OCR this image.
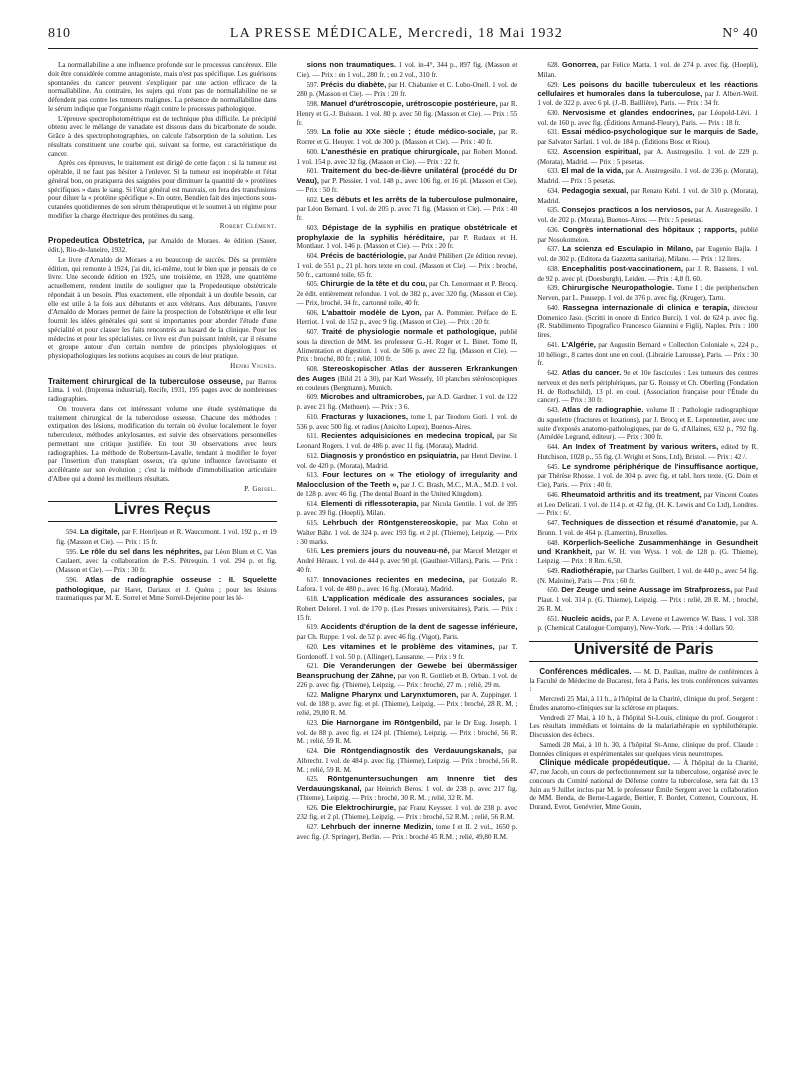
810	LA PRESSE MÉDICALE, Mercredi, 18 Mai 1932	N° 40

La normallabiline a une influence profonde sur le processus cancéreux. Elle doit être considérée comme antagoniste, mais n'est pas spécifique. Les guérisons spontanées du cancer peuvent s'expliquer par une action efficace de la normallabiline. Au contraire, les sujets qui n'ont pas de normallabiline ne se défendent pas contre les tumeurs malignes. La présence de normallabiline dans le sérum indique que l'organisme réagit contre le processus pathologique.

L'épreuve spectrophotométrique est de technique plus difficile. Le précipité obtenu avec le mélange de vanadate est dissous dans du bicarbonate de soude. Grâce à des spectrophotographies, on calcule l'absorption de la solution. Les résultats constituent une courbe qui, suivant sa forme, est caractéristique du cancer.

Après ces épreuves, le traitement est dirigé de cette façon : si la tumeur est opérable, il ne faut pas hésiter à l'enlever. Si la tumeur est inopérable et l'état général bon, on pratiquera des saignées pour diminuer la quantité de « protéines spécifiques » dans le sang. Si l'état général est mauvais, on fera des transfusions pour diluer la « protéine spécifique ». En outre, Bendien fait des injections sous-cutanées quotidiennes de son sérum thérapeutique et le soumet à un régime pour modifier la charge électrique des protéines du sang.

Robert Clément.

Propedeutica Obstetrica, par Arnaldo de Moraes. 4e édition (Sauer, édit.), Rio-de-Janeiro, 1932.

Le livre d'Arnaldo de Moraes a eu beaucoup de succès. Dès sa première édition, qui remonte à 1924, j'ai dit, ici-même, tout le bien que je pensais de ce livre. Une seconde édition en 1925, une troisième, en 1928, une quatrième actuellement, rendent inutile de souligner que la Propedeutique obstétricale répondait à un besoin. Plus exactement, elle répondait à un double besoin, car elle est utile à la fois aux débutants et aux vétérans. Aux débutants, l'œuvre d'Arnaldo de Moraes permet de faire la prospection de l'obstétrique et elle leur fournit les idées générales qui sont si importantes pour aborder l'étude d'une spécialité et pour classer les faits rencontrés au hasard de la clinique. Pour les médecins et pour les spécialistes, ce livre est d'un puissant intérêt, car il résume et groupe autour d'un certain nombre de principes physiologiques et physiopathologiques les notions acquises au cours de leur pratique.

Henri Vignes.

Traitement chirurgical de la tuberculose osseuse, par Barros Lima. 1 vol. (Imprensa industrial), Recife, 1931, 195 pages avec de nombreuses radiographies.

On trouvera dans cet intéressant volume une étude systématique du traitement chirurgical de la tuberculose osseuse. Chacune des méthodes : extirpation des lésions, modification du terrain où évolue localement le foyer tuberculeux, méthodes ankylosantes, est suivie des observations personnelles permettant une critique justifiée. En tout 30 observations avec leurs radiographies. La méthode de Robertson-Lavalle, tendant à modifier le foyer par l'insertion d'un transplant osseux, n'a qu'une influence favorisante et accélérante sur son évolution ; c'est la méthode d'immobilisation articulaire d'Albee qui a donné les meilleurs résultats.

P. Grisel.
Livres Reçus

594. La digitale, par F. Henrijean et R. Waucomont. 1 vol. 192 p., et 19 fig. (Masson et Cie). — Prix : 15 fr.

595. Le rôle du sel dans les néphrites, par Léon Blum et C. Van Caulaert, avec la collaboration de P.-S. Pétrequin. 1 vol. 294 p. et fig. (Masson et Cie). — Prix : 30 fr.

596. Atlas de radiographie osseuse : II. Squelette pathologique, par Haret, Dariaux et J. Quénu ; pour les lésions traumatiques par M. E. Sorrel et Mme Sorrel-Dejerine pour les lé-

sions non traumatiques. 1 vol. in-4°, 344 p., 897 fig. (Masson et Cie). — Prix : en 1 vol., 280 fr. ; en 2 vol., 310 fr.

597. Précis du diabète, par H. Chabanier et C. Lobo-Onell. 1 vol. de 280 p. (Masson et Cie). — Prix : 20 fr.

598. Manuel d'urétroscopie, urétroscopie postérieure, par R. Henry et G.-J. Buisson. 1 vol. 80 p. avec 50 fig. (Masson et Cie). — Prix : 55 fr.

599. La folie au XXe siècle ; étude médico-sociale, par R. Rorrer et G. Heuyer. 1 vol. de 300 p. (Masson et Cie). — Prix : 40 fr.

600. L'anesthésie en pratique chirurgicale, par Robert Monod. 1 vol. 154 p. avec 32 fig. (Masson et Cie). — Prix : 22 fr.

601. Traitement du bec-de-lièvre unilatéral (procédé du Dr Veau), par P. Plessier. 1 vol. 148 p., avec 106 fig. et 16 pl. (Masson et Cie). — Prix : 50 fr.

602. Les débuts et les arrêts de la tuberculose pulmonaire, par Léon Bernard. 1 vol. de 205 p. avec 71 fig. (Masson et Cie). — Prix : 40 fr.

603. Dépistage de la syphilis en pratique obstétricale et prophylaxie de la syphilis héréditaire, par P. Rudaux et H. Montlaur. 1 vol. 146 p. (Masson et Cie). — Prix : 20 fr.

604. Précis de bactériologie, par André Philibert (2e édition revue). 1 vol. de 551 p., 21 pl. hors texte en coul. (Masson et Cie). — Prix : broché, 50 fr., cartonné toile, 65 fr.

605. Chirurgie de la tête et du cou, par Ch. Lenormant et P. Brocq. 2e édit. entièrement refondue. 1 vol. de 382 p., avec 320 fig. (Masson et Cie). — Prix, broché, 34 fr., cartonné toile, 40 fr.

606. L'abattoir modèle de Lyon, par A. Pommier. Préface de E. Herriot. 1 vol. de 152 p., avec 9 fig. (Masson et Cie). — Prix : 20 fr.

607. Traité de physiologie normale et pathologique, publié sous la direction de MM. les professeur G.-H. Roger et L. Binet. Tome II, Alimentation et digestion. 1 vol. de 506 p. avec 22 fig. (Masson et Cie). — Prix : broché, 80 fr. ; relié, 100 fr.

608. Stereoskopischer Atlas der äusseren Erkrankungen des Auges (Bild 21 à 30), par Karl Wessely, 10 planches stéréoscopiques en couleurs (Bergmann), Munich.

609. Microbes and ultramicrobes, par A.D. Gardner. 1 vol. de 122 p. avec 21 fig. (Methuen). — Prix : 3 6.

610. Fracturas y luxaciones, tome I, par Teodoro Gorí. 1 vol. de 536 p. avec 500 fig. et radios (Anicéto Lopez), Buenos-Aires.

611. Recientes adquisiciones en medecina tropical, par Sir Leonard Rogers. 1 vol. de 486 p. avec 11 fig. (Morata), Madrid.

612. Diagnosis y pronóstico en psiquiatria, par Henri Devine. 1 vol. de 420 p. (Morata), Madrid.

613. Four lectures on « The etiology of irregularity and Malocclusion of the Teeth », par J. C. Brash, M.C., M.A., M.D. 1 vol. de 128 p. avec 46 fig. (The dental Board in the United Kingdom).

614. Elementi di riflessoterapia, par Nicola Gentile. 1 vol. de 395 p. avec 39 fig. (Hoepli), Milan.

615. Lehrbuch der Röntgenstereoskopie, par Max Cohn et Walter Bähr. 1 vol. de 324 p. avec 193 fig. et 2 pl. (Thieme), Leipzig. — Prix : 30 marks.

616. Les premiers jours du nouveau-né, par Marcel Metzger et André Héraux. 1 vol. de 444 p. avec 90 pl. (Gauthier-Villars), Paris. — Prix : 40 fr.

617. Innovaciones recientes en medecina, par Gonzalo R. Lafora. 1 vol. de 480 p., avec 16 fig. (Morata), Madrid.

618. L'application médicale des assurances sociales, par Robert Delorel. 1 vol. de 170 p. (Les Presses universitaires), Paris. — Prix : 15 fr.

619. Accidents d'éruption de la dent de sagesse inférieure, par Ch. Ruppe. 1 vol. de 52 p. avec 46 fig. (Vigot), Paris.

620. Les vitamines et le problème des vitamines, par T. Gordonoff. 1 vol. 50 p. (Allinger), Lausanne. — Prix : 9 fr.

621. Die Veranderungen der Gewebe bei übermässiger Beanspruchung der Zähne, par von R. Gottlieb et B. Orban. 1 vol. de 226 p. avec fig. (Thieme), Leipzig. — Prix : broché, 27 m. ; relié, 29 m.

622. Maligne Pharynx und Larynxtumoren, par A. Zuppinger. 1 vol. de 188 p. avec fig. et pl. (Thieme), Leipzig. — Prix : broché, 28 R. M. ; relié, 29,80 R. M.

623. Die Harnorgane im Röntgenbild, par le Dr Eug. Joseph. 1 vol. de 88 p. avec fig. et 124 pl. (Thieme), Leipzig. — Prix : broché, 56 R. M. ; relié, 59 R. M.

624. Die Röntgendiagnostik des Verdauungskanals, par Albrecht. 1 vol. de 484 p. avec fig. (Thieme), Leipzig. — Prix : broché, 56 R. M. ; relié, 59 R. M.

625. Röntgenuntersuchungen am Innenre tiet des Verdauungskanal, par Heinrich Beros. 1 vol. de 238 p. avec 217 fig. (Thieme), Leipzig. — Prix : broché, 30 R. M. ; relié, 32 R. M.

626. Die Elektrochirurgie, par Franz Keysser. 1 vol. de 238 p. avec 232 fig. et 2 pl. (Thieme), Leipzig. — Prix : broché, 52 R.M. ; relié, 56 R.M.

627. Lehrbuch der innerne Medizin, tome I et II. 2 vol., 1650 p. avec fig. (J. Springer), Berlin. — Prix : broché 45 R.M. ; relié, 49,80 R.M.

628. Gonorrea, par Felice Marta. 1 vol. de 274 p. avec fig. (Hoepli), Milan.

629. Les poisons du bacille tuberculeux et les réactions cellulaires et humorales dans la tuberculose, par J. Albert-Weil. 1 vol. de 322 p. avec 6 pl. (J.-B. Baillière), Paris. — Prix : 34 fr.

630. Nervosisme et glandes endocrines, par Léopold-Lévi. 1 vol. de 160 p. avec fig. (Éditions Armand-Fleury), Paris. — Prix : 18 fr.

631. Essai médico-psychologique sur le marquis de Sade, par Salvator Sarfati. 1 vol. de 184 p. (Éditions Bosc et Riou).

632. Ascension espiritual, par A. Austregesilo. 1 vol. de 229 p. (Morata), Madrid. — Prix : 5 pesetas.

633. El mal de la vida, par A. Austregesilo. 1 vol. de 236 p. (Morata), Madrid. — Prix : 5 pesetas.

634. Pedagogia sexual, par Renato Kehl. 1 vol. de 310 p. (Morata), Madrid.

635. Consejos practicos a los nerviosos, par A. Austregesilo. 1 vol. de 202 p. (Morata), Buenos-Aires. — Prix : 5 pesetas.

636. Congrès international des hôpitaux ; rapports, publié par Nosokomeion.

637. La scienza ed Esculapio in Milano, par Eugenio Bajla. 1 vol. de 302 p. (Editora da Gazzetta sanitaria), Milano. — Prix : 12 lires.

638. Encephalitis post-vaccinationem, par J. R. Bassens. 1 vol. de 92 p. avec pl. (Doesburgh), Leiden. — Prix : 4,8 fl. 60.

639. Chirurgische Neuropathologie. Tome I ; die peripherischen Nerven, par L. Puusepp. 1 vol. de 376 p. avec fig. (Kruger), Tartu.

640. Rassegna internazionale di clinica e terapia, directeur Domenico Jaso. (Scritti in onore di Enrico Burci). 1 vol. de 624 p. avec fig. (R. Stabilimento Tipografico Francesco Giannini e Figli), Naples. Prix : 100 lires.

641. L'Algérie, par Augustin Bernard « Collection Coloniale », 224 p., 10 héliogr., 8 cartes dont une en coul. (Librairie Larousse), Paris. — Prix : 30 fr.

642. Atlas du cancer. 9e et 10e fascicules : Les tumeurs des centres nerveux et des nerfs périphériques, par G. Roussy et Ch. Oberling (Fondation H. de Rothschild), 13 pl. en coul. (Association française pour l'Étude du cancer). — Prix : 30 fr.

643. Atlas de radiographie. volume II : Pathologie radiographique du squelette (fractures et luxations), par J. Brocq et E. Lepennetier, avec une suite d'exposés anatomo-pathologiques, par de G. d'Allaines, 632 p., 792 fig. (Amédée Legrand, éditeur). — Prix : 300 fr.

644. An Index of Treatment by various writers, edited by R. Hutchison, 1028 p., 55 fig. (J. Wright et Sons, Ltd), Bristol. — Prix : 42 /.

645. Le syndrome périphérique de l'insuffisance aortique, par Thérèse Rhosse. 1 vol. de 304 p. avec fig. et tabl. hors texte. (G. Doin et Cie), Paris. — Prix : 40 fr.

646. Rheumatoid arthritis and its treatment, par Vincent Coates et Leo Delicati. 1 vol. de 114 p. et 42 fig. (H. K. Lewis and Co Ltd), Londres. — Prix : 6/.

647. Techniques de dissection et résumé d'anatomie, par A. Brunn. 1 vol. de 464 p. (Lamertin), Bruxelles.

648. Körperlich-Seeliche Zusammenhänge in Gesundheit und Krankheit, par W. H. von Wyss. 1 vol. de 128 p. (G. Thieme), Leipzig. — Prix : 8 Rm. 6,50.

649. Radiothérapie, par Charles Guilbert. 1 vol. de 440 p., avec 54 fig. (N. Maloine), Paris — Prix : 60 fr.

650. Der Zeuge und seine Aussage im Strafprozess, par Paul Plaut. 1 vol. 314 p. (G. Thieme), Leipzig. — Prix : relié, 28 R. M. ; broché, 26 R. M.

651. Nucleic acids, par P. A. Levene et Lawrence W. Bass. 1 vol. 338 p. (Chemical Catalogue Company), New-York. — Prix : 4 dollars 50.

Université de Paris

Conférences médicales. — M. D. Paulian, maître de conférences à la Faculté de Médecine de Bucarest, fera à Paris, les trois conférences suivantes :

Mercredi 25 Mai, à 11 h., à l'hôpital de la Charité, clinique du prof. Sergent : Études anatomo-cliniques sur la sclérose en plaques.

Vendredi 27 Mai, à 10 h., à l'hôpital St-Louis, clinique du prof. Gougerot : Les résultats immédiats et lointains de la malariathérapie en syphilothérapie. Discussion des échecs.

Samedi 28 Mai, à 10 h. 30, à l'hôpital St-Anne, clinique du prof. Claude : Données cliniques et expérimentales sur quelques virus neurotropes.

Clinique médicale propédeutique. — À l'hôpital de la Charité, 47, rue Jacob, un cours de perfectionnement sur la tuberculose, organisé avec le concours du Comité national de Défense contre la tuberculose, sera fait du 13 Juin au 9 Juillet inclus par M. le professeur Émile Sergent avec la collaboration de MM. Benda, de Berne-Lagarde, Bertier, F. Bordet, Cottenot, Courcoux, H. Durand, Evrot, Genévrier, Mme Gouin,
